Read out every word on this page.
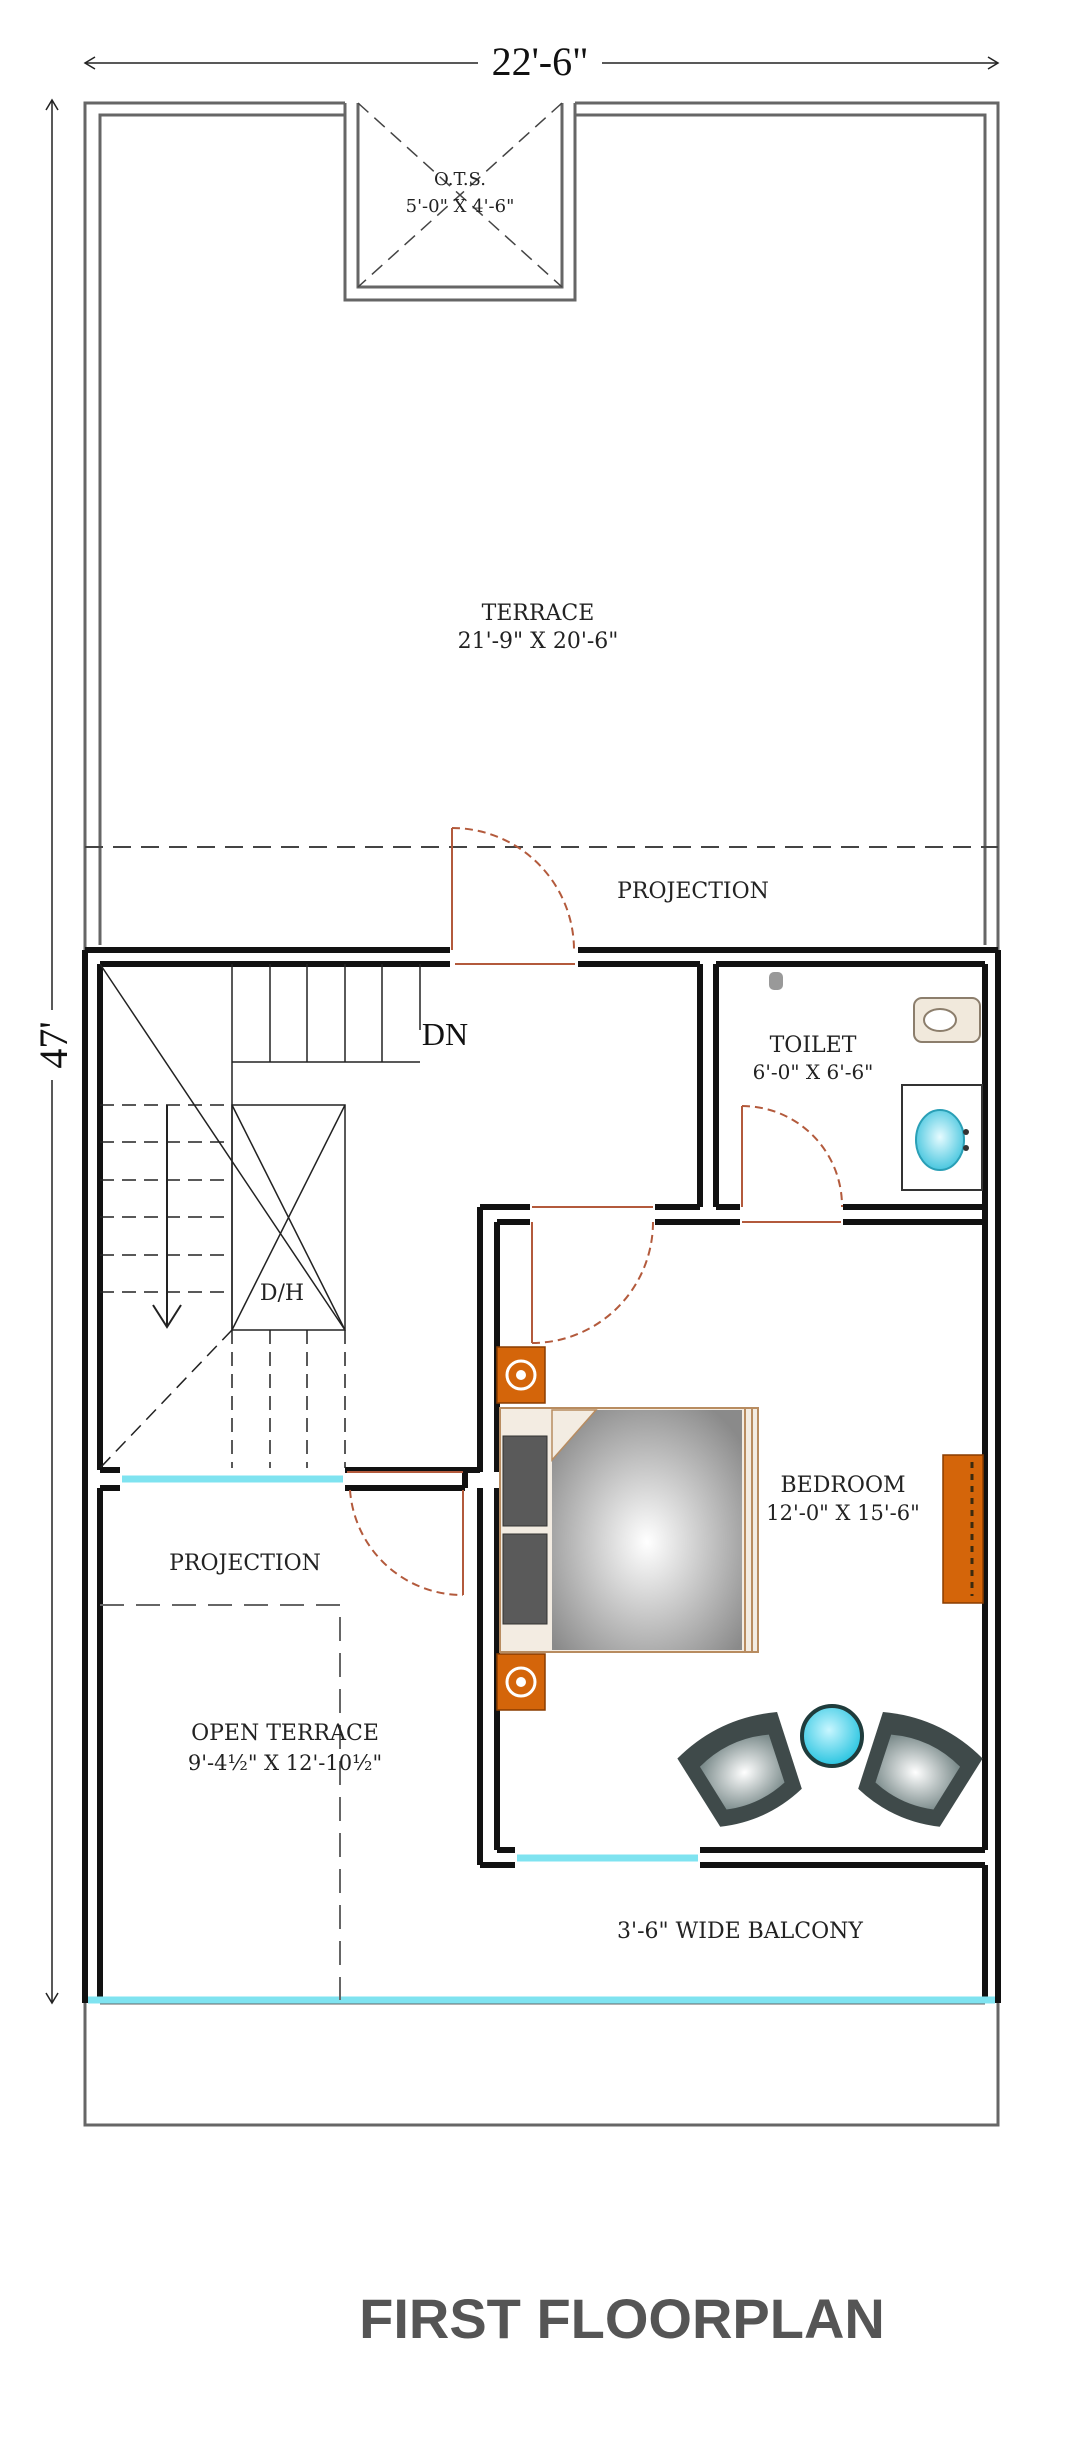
22'-6"
47'
O.T.S.
5'-0" X 4'-6"
TERRACE
21'-9" X 20'-6"
PROJECTION
DN
D/H
TOILET
6'-0" X 6'-6"
BEDROOM
12'-0" X 15'-6"
PROJECTION
OPEN TERRACE
9'-4½" X 12'-10½"
3'-6" WIDE BALCONY
FIRST FLOORPLAN
